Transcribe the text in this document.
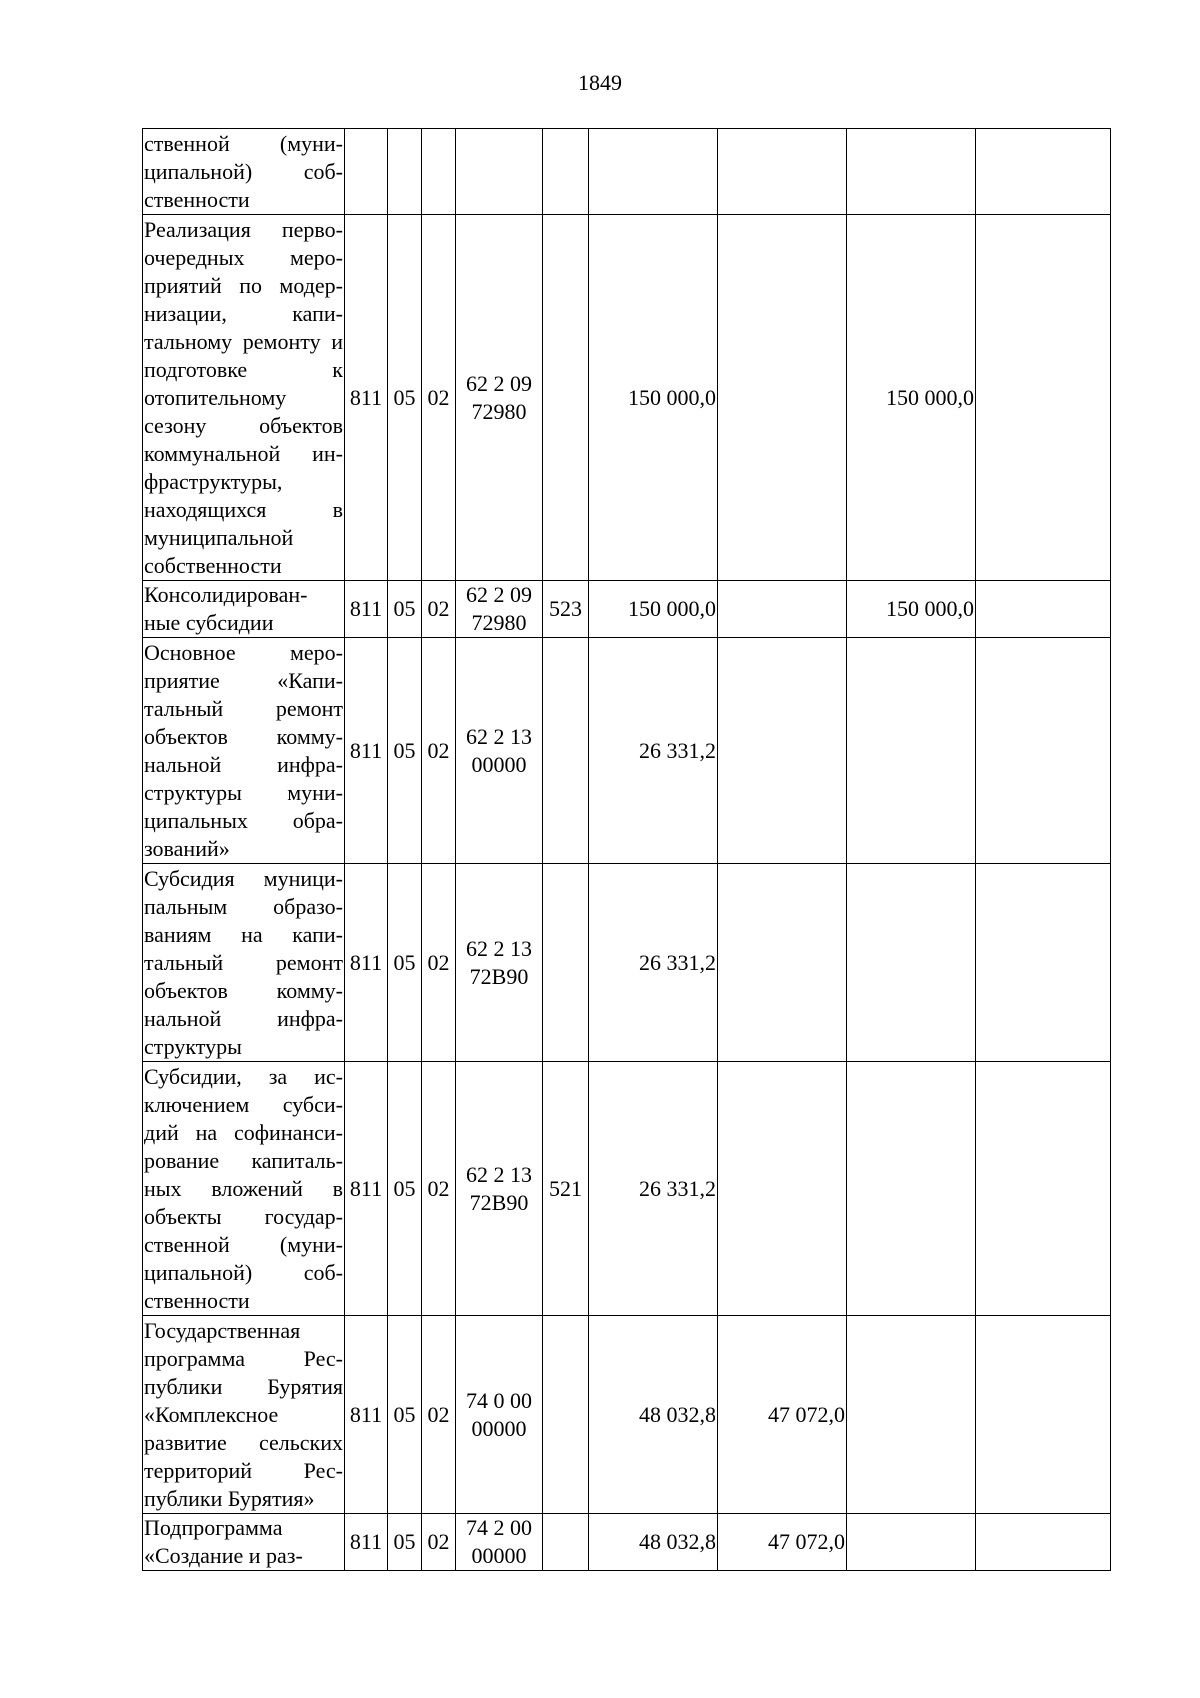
1849
ственной (муни-ципальной) соб-ственности									
Реализация перво-очередных меро-приятий по модер-низации, капи-тальному ремонту и подготовке к отопительному сезону объектов коммунальной ин-фраструктуры, находящихся в муниципальной собственности	811	05	02	62 2 09 72980		150 000,0		150 000,0	
Консолидирован-ные субсидии	811	05	02	62 2 09 72980	523	150 000,0		150 000,0	
Основное меро-приятие «Капи-тальный ремонт объектов комму-нальной инфра-структуры муни-ципальных обра-зований»	811	05	02	62 2 13 00000		26 331,2			
Субсидия муници-пальным образо-ваниям на капи-тальный ремонт объектов комму-нальной инфра-структуры	811	05	02	62 2 13 72B90		26 331,2			
Субсидии, за ис-ключением субси-дий на софинанси-рование капиталь-ных вложений в объекты государ-ственной (муни-ципальной) соб-ственности	811	05	02	62 2 13 72B90	521	26 331,2			
Государственная программа Рес-публики Бурятия «Комплексное развитие сельских территорий Рес-публики Бурятия»	811	05	02	74 0 00 00000		48 032,8	47 072,0		
Подпрограмма «Создание и раз-	811	05	02	74 2 00 00000		48 032,8	47 072,0		
